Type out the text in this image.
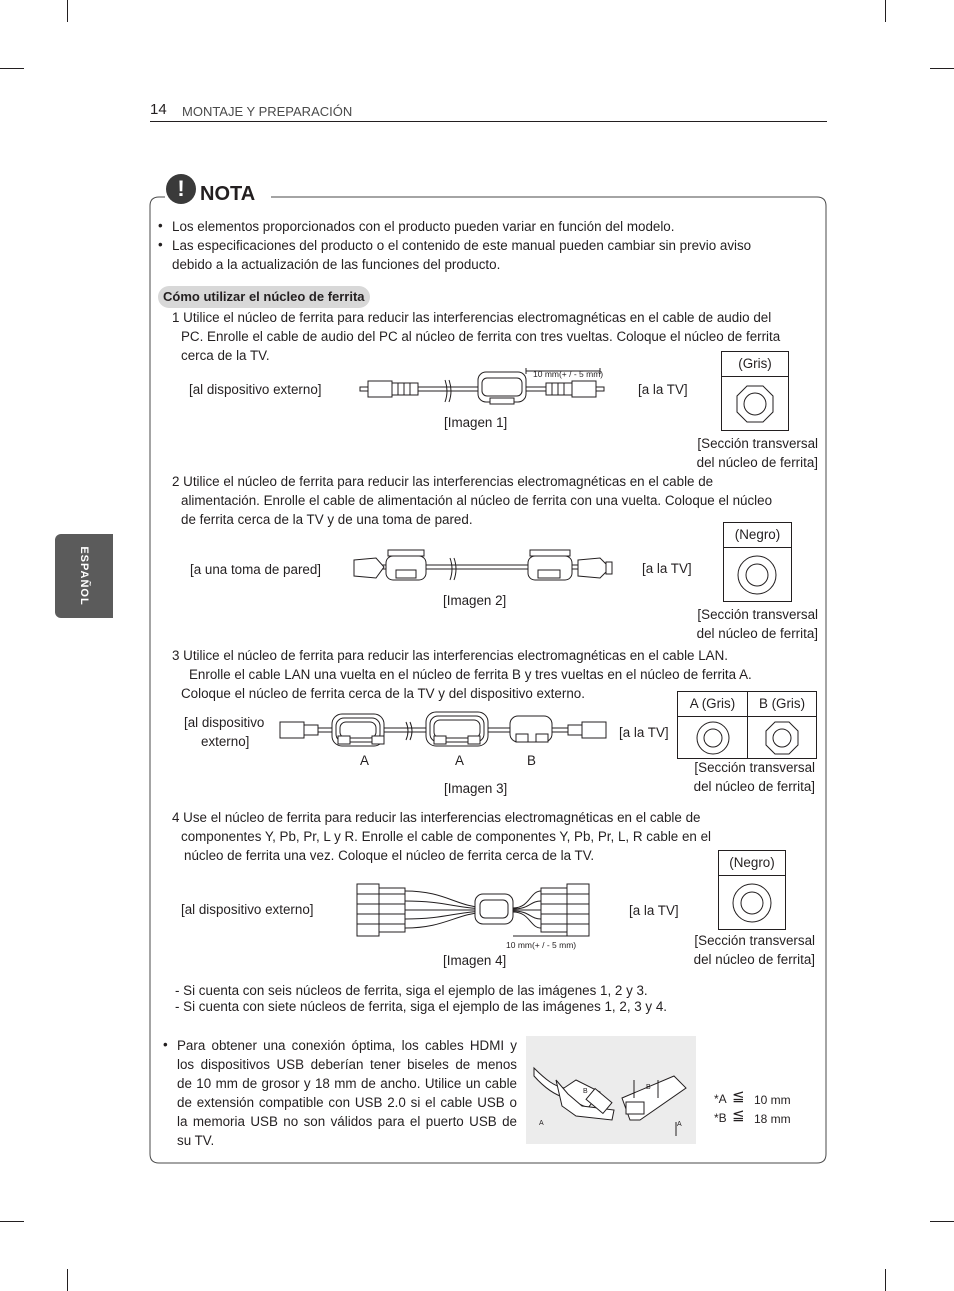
14 MONTAJE Y PREPARACIÓN
ESPAÑOL
! NOTA
• Los elementos proporcionados con el producto pueden variar en función del modelo.
• Las especificaciones del producto o el contenido de este manual pueden cambiar sin previo aviso
debido a la actualización de las funciones del producto.
Cómo utilizar el núcleo de ferrita
1 Utilice el núcleo de ferrita para reducir las interferencias electromagnéticas en el cable de audio del
PC. Enrolle el cable de audio del PC al núcleo de ferrita con tres vueltas. Coloque el núcleo de ferrita
cerca de la TV.
[al dispositivo externo]	[a la TV]
10 mm(+ / - 5 mm)
[Imagen 1]
(Gris)
[Sección transversal
del núcleo de ferrita]
2 Utilice el núcleo de ferrita para reducir las interferencias electromagnéticas en el cable de
alimentación. Enrolle el cable de alimentación al núcleo de ferrita con una vuelta. Coloque el núcleo
de ferrita cerca de la TV y de una toma de pared.
[a una toma de pared]	[a la TV]
[Imagen 2]
(Negro)
[Sección transversal
del núcleo de ferrita]
3 Utilice el núcleo de ferrita para reducir las interferencias electromagnéticas en el cable LAN.
Enrolle el cable LAN una vuelta en el núcleo de ferrita B y tres vueltas en el núcleo de ferrita A.
Coloque el núcleo de ferrita cerca de la TV y del dispositivo externo.
[al dispositivo
externo]
[a la TV]
A	A	B
[Imagen 3]
A (Gris)	B (Gris)
[Sección transversal
del núcleo de ferrita]
4 Use el núcleo de ferrita para reducir las interferencias electromagnéticas en el cable de
componentes Y, Pb, Pr, L y R. Enrolle el cable de componentes Y, Pb, Pr, L, R cable en el
núcleo de ferrita una vez. Coloque el núcleo de ferrita cerca de la TV.
[al dispositivo externo]	[a la TV]
10 mm(+ / - 5 mm)
[Imagen 4]
(Negro)
[Sección transversal
del núcleo de ferrita]
- Si cuenta con seis núcleos de ferrita, siga el ejemplo de las imágenes 1, 2 y 3.
- Si cuenta con siete núcleos de ferrita, siga el ejemplo de las imágenes 1, 2, 3 y 4.
• Para obtener una conexión óptima, los cables HDMI y
los dispositivos USB deberían tener biseles de menos
de 10 mm de grosor y 18 mm de ancho. Utilice un cable
de extensión compatible con USB 2.0 si el cable USB o
la memoria USB no son válidos para el puerto USB de
su TV.
A
B
B
A
*A ≦ 10 mm
*B ≦ 18 mm
